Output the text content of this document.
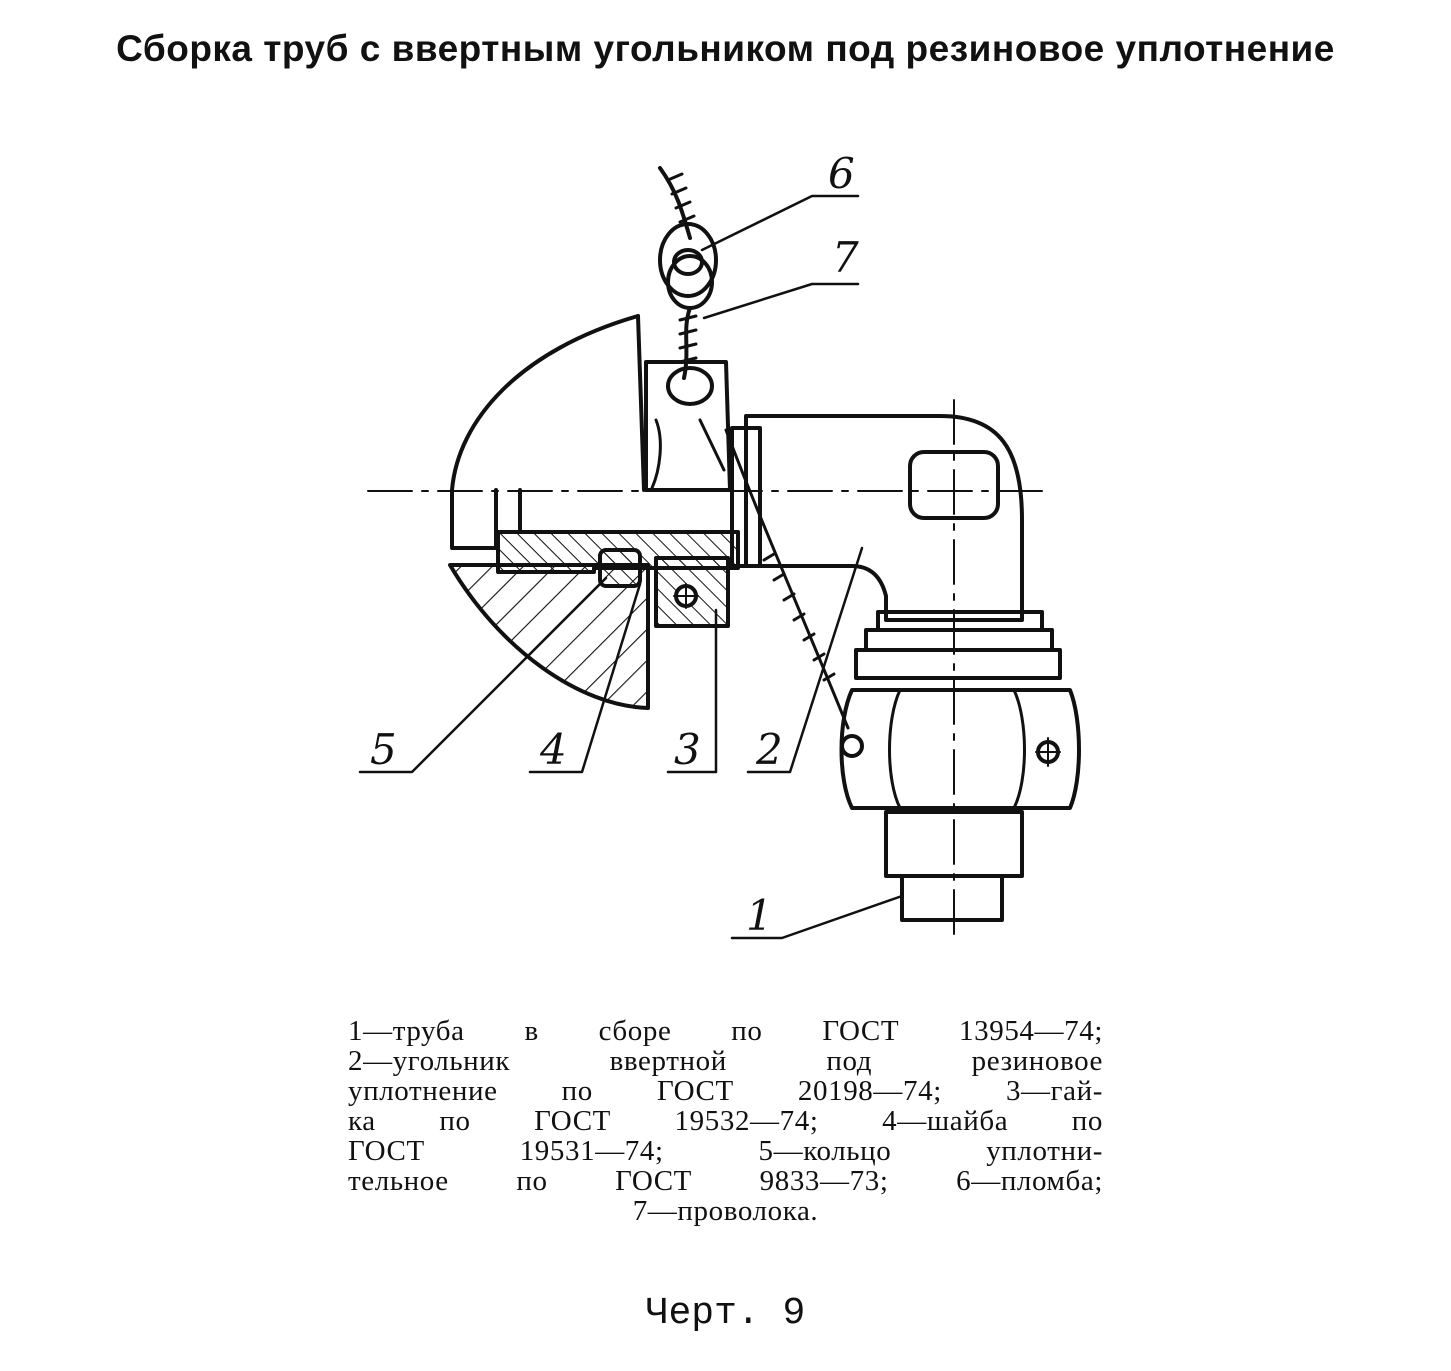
Сборка труб с ввертным угольником под резиновое уплотнение
6
7
5	4	3 2
1
1—труба в сборе по ГОСТ 13954—74;
2—угольник ввертной под резиновое
уплотнение по ГОСТ 20198—74; 3—гай-
ка по ГОСТ 19532—74; 4—шайба по
ГОСТ 19531—74; 5—кольцо уплотни-
тельное по ГОСТ 9833—73; 6—пломба;
7—проволока.
Черт. 9
